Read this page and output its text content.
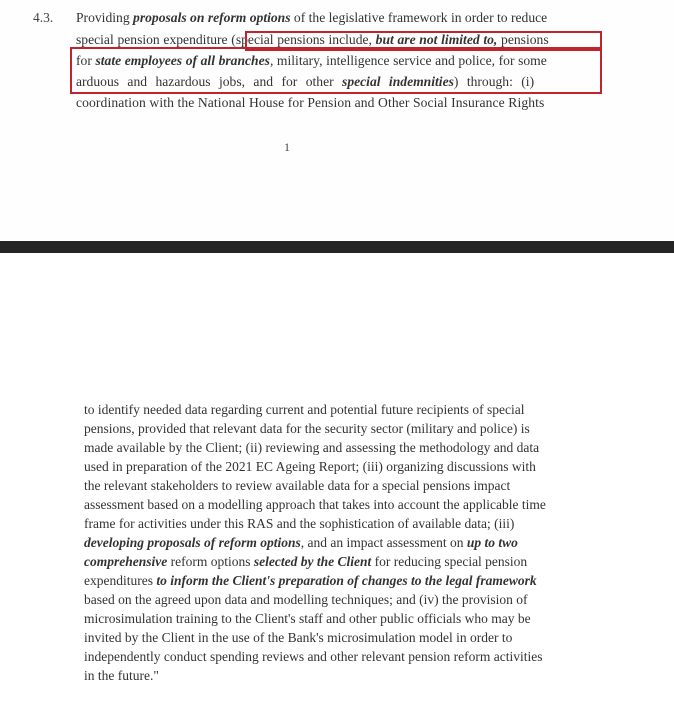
4.3. Providing proposals on reform options of the legislative framework in order to reduce
special pension expenditure (special pensions include, but are not limited to, pensions
for state employees of all branches, military, intelligence service and police, for some
arduous and hazardous jobs, and for other special indemnities) through: (i)
coordination with the National House for Pension and Other Social Insurance Rights
1
to identify needed data regarding current and potential future recipients of special
pensions, provided that relevant data for the security sector (military and police) is
made available by the Client; (ii) reviewing and assessing the methodology and data
used in preparation of the 2021 EC Ageing Report; (iii) organizing discussions with
the relevant stakeholders to review available data for a special pensions impact
assessment based on a modelling approach that takes into account the applicable time
frame for activities under this RAS and the sophistication of available data; (iii)
developing proposals of reform options, and an impact assessment on up to two
comprehensive reform options selected by the Client for reducing special pension
expenditures to inform the Client's preparation of changes to the legal framework
based on the agreed upon data and modelling techniques; and (iv) the provision of
microsimulation training to the Client's staff and other public officials who may be
invited by the Client in the use of the Bank's microsimulation model in order to
independently conduct spending reviews and other relevant pension reform activities
in the future."
